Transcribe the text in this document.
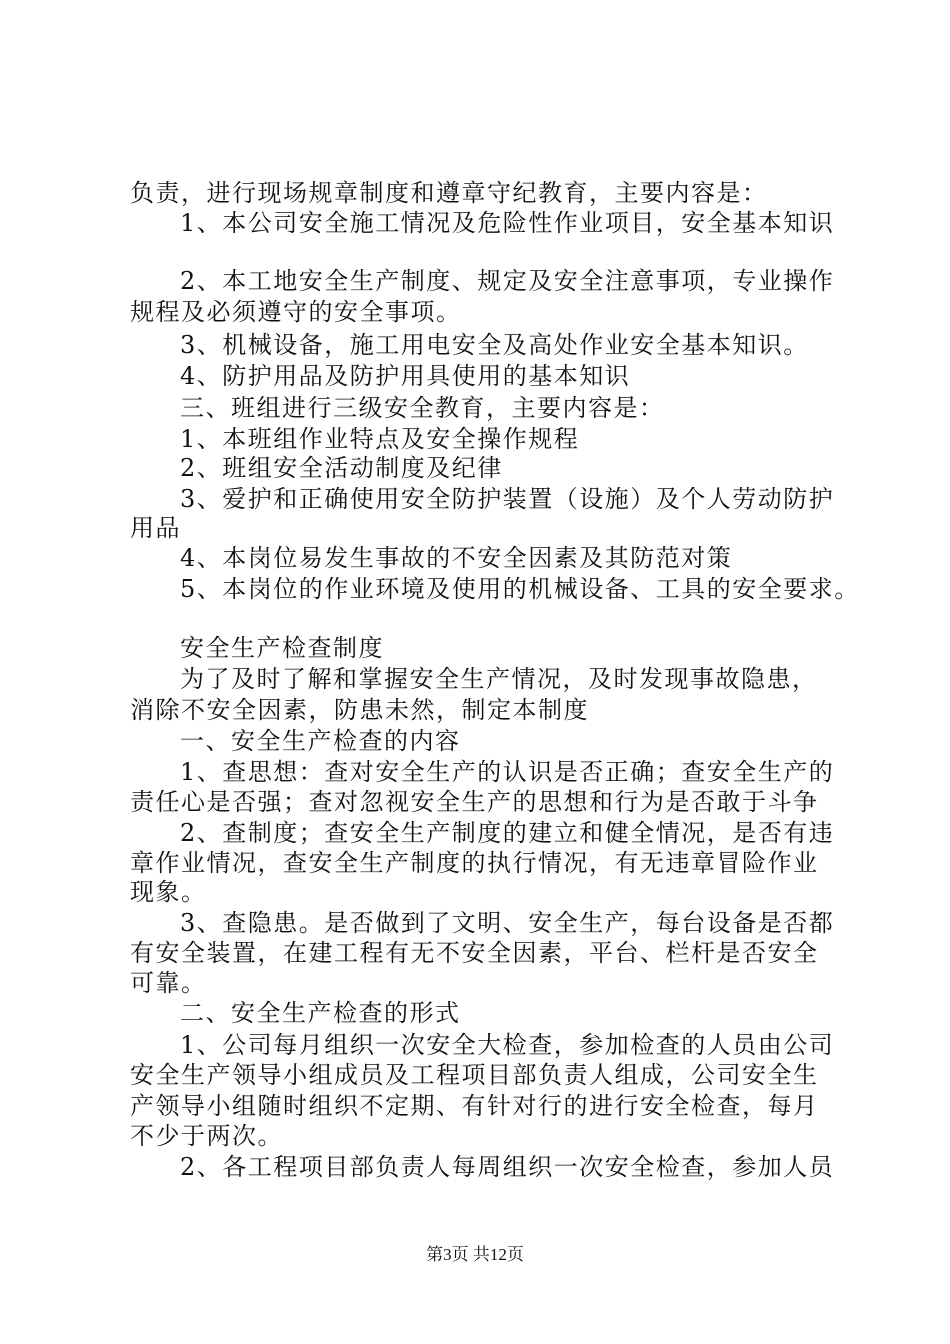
负责，进行现场规章制度和遵章守纪教育，主要内容是：
1、本公司安全施工情况及危险性作业项目，安全基本知识
2、本工地安全生产制度、规定及安全注意事项，专业操作
规程及必须遵守的安全事项。
3、机械设备，施工用电安全及高处作业安全基本知识。
4、防护用品及防护用具使用的基本知识
三、班组进行三级安全教育，主要内容是：
1、本班组作业特点及安全操作规程
2、班组安全活动制度及纪律
3、爱护和正确使用安全防护装置（设施）及个人劳动防护
用品
4、本岗位易发生事故的不安全因素及其防范对策
5、本岗位的作业环境及使用的机械设备、工具的安全要求。
安全生产检查制度
为了及时了解和掌握安全生产情况，及时发现事故隐患，
消除不安全因素，防患未然，制定本制度
一、安全生产检查的内容
1、查思想：查对安全生产的认识是否正确；查安全生产的
责任心是否强；查对忽视安全生产的思想和行为是否敢于斗争
2、查制度；查安全生产制度的建立和健全情况，是否有违
章作业情况，查安全生产制度的执行情况，有无违章冒险作业
现象。
3、查隐患。是否做到了文明、安全生产，每台设备是否都
有安全装置，在建工程有无不安全因素，平台、栏杆是否安全
可靠。
二、安全生产检查的形式
1、公司每月组织一次安全大检查，参加检查的人员由公司
安全生产领导小组成员及工程项目部负责人组成，公司安全生
产领导小组随时组织不定期、有针对行的进行安全检查，每月
不少于两次。
2、各工程项目部负责人每周组织一次安全检查，参加人员
第3页 共12页
